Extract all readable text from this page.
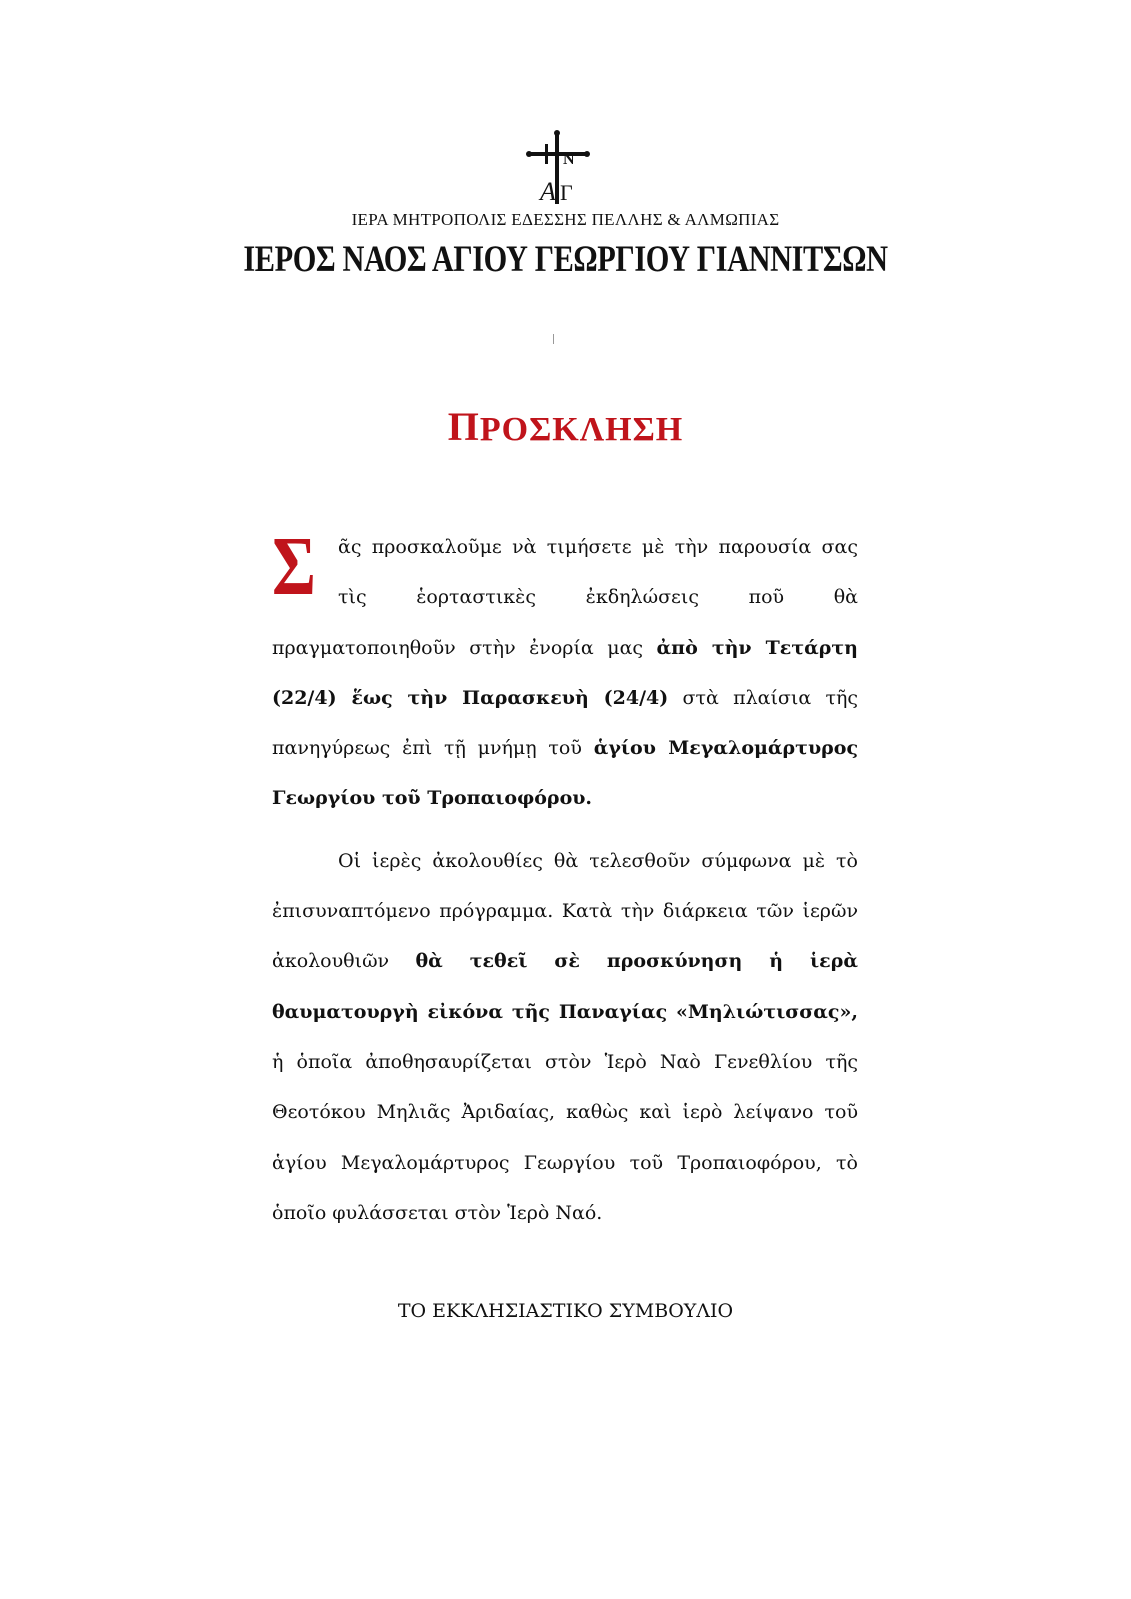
N
A Γ
ΙΕΡΑ ΜΗΤΡΟΠΟΛΙΣ ΕΔΕΣΣΗΣ ΠΕΛΛΗΣ & ΑΛΜΩΠΙΑΣ
ΙΕΡΟΣ ΝΑΟΣ ΑΓΙΟΥ ΓΕΩΡΓΙΟΥ ΓΙΑΝΝΙΤΣΩΝ
ΠΡΟΣΚΛΗΣΗ

Σ ᾶς προσκαλοῦμε νὰ τιμήσετε μὲ τὴν παρουσία σας τὶς ἑορταστικὲς ἐκδηλώσεις ποῦ θὰ πραγματοποιηθοῦν στὴν ἐνορία μας ἀπὸ τὴν Τετάρτη (22/4) ἕως τὴν Παρασκευὴ (24/4) στὰ πλαίσια τῆς πανηγύρεως ἐπὶ τῇ μνήμῃ τοῦ ἁγίου Μεγαλομάρτυρος Γεωργίου τοῦ Τροπαιοφόρου.

Οἱ ἱερὲς ἀκολουθίες θὰ τελεσθοῦν σύμφωνα μὲ τὸ ἐπισυναπτόμενο πρόγραμμα. Κατὰ τὴν διάρκεια τῶν ἱερῶν ἀκολουθιῶν θὰ τεθεῖ σὲ προσκύνηση ἡ ἱερὰ θαυματουργὴ εἰκόνα τῆς Παναγίας «Μηλιώτισσας», ἡ ὁποῖα ἀποθησαυρίζεται στὸν Ἱερὸ Ναὸ Γενεθλίου τῆς Θεοτόκου Μηλιᾶς Ἀριδαίας, καθὼς καὶ ἱερὸ λείψανο τοῦ ἁγίου Μεγαλομάρτυρος Γεωργίου τοῦ Τροπαιοφόρου, τὸ ὁποῖο φυλάσσεται στὸν Ἱερὸ Ναό.

ΤΟ ΕΚΚΛΗΣΙΑΣΤΙΚΟ ΣΥΜΒΟΥΛΙΟ
